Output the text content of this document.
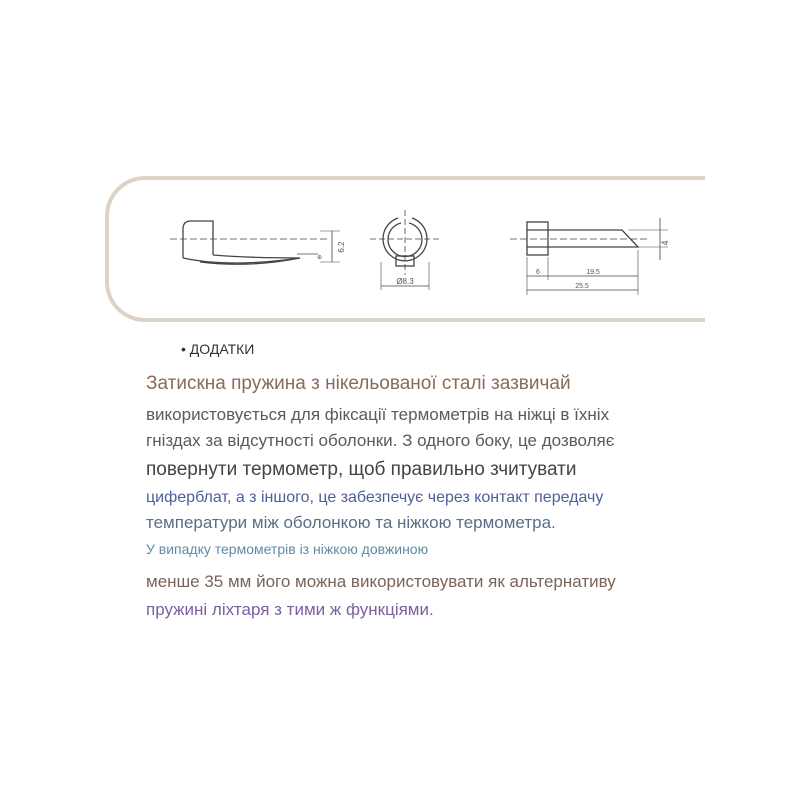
6.2
⊕
Ø8.3
4
6	19.5
25.5
• ДОДАТКИ

Затискна пружина з нікельованої сталі зазвичай

використовується для фіксації термометрів на ніжці в їхніх

гніздах за відсутності оболонки. З одного боку, це дозволяє

повернути термометр, щоб правильно зчитувати

циферблат, а з іншого, це забезпечує через контакт передачу

температури між оболонкою та ніжкою термометра.

У випадку термометрів із ніжкою довжиною

менше 35 мм його можна використовувати як альтернативу

пружині ліхтаря з тими ж функціями.
